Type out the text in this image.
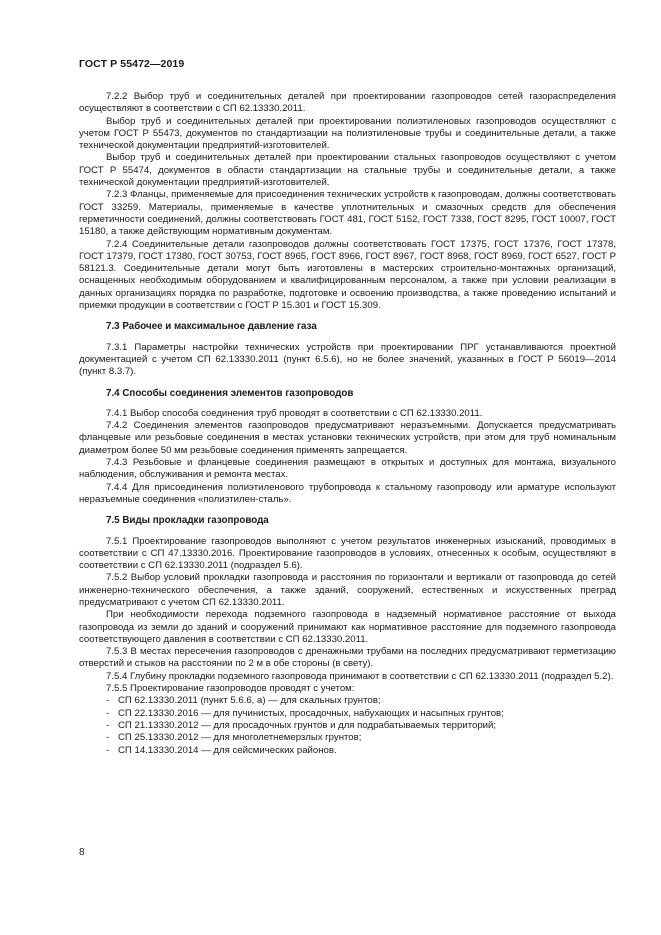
ГОСТ Р 55472—2019

7.2.2 Выбор труб и соединительных деталей при проектировании газопроводов сетей газораспределения осуществляют в соответствии с СП 62.13330.2011.

Выбор труб и соединительных деталей при проектировании полиэтиленовых газопроводов осуществляют с учетом ГОСТ Р 55473, документов по стандартизации на полиэтиленовые трубы и соединительные детали, а также технической документации предприятий-изготовителей.

Выбор труб и соединительных деталей при проектировании стальных газопроводов осуществляют с учетом ГОСТ Р 55474, документов в области стандартизации на стальные трубы и соединительные детали, а также технической документации предприятий-изготовителей.

7.2.3 Фланцы, применяемые для присоединения технических устройств к газопроводам, должны соответствовать ГОСТ 33259. Материалы, применяемые в качестве уплотнительных и смазочных средств для обеспечения герметичности соединений, должны соответствовать ГОСТ 481, ГОСТ 5152, ГОСТ 7338, ГОСТ 8295, ГОСТ 10007, ГОСТ 15180, а также действующим нормативным документам.

7.2.4 Соединительные детали газопроводов должны соответствовать ГОСТ 17375, ГОСТ 17376, ГОСТ 17378, ГОСТ 17379, ГОСТ 17380, ГОСТ 30753, ГОСТ 8965, ГОСТ 8966, ГОСТ 8967, ГОСТ 8968, ГОСТ 8969, ГОСТ 6527, ГОСТ Р 58121.3. Соединительные детали могут быть изготовлены в мастерских строительно-монтажных организаций, оснащенных необходимым оборудованием и квалифицированным персоналом, а также при условии реализации в данных организациях порядка по разработке, подготовке и освоению производства, а также проведению испытаний и приемки продукции в соответствии с ГОСТ Р 15.301 и ГОСТ 15.309.

7.3 Рабочее и максимальное давление газа

7.3.1 Параметры настройки технических устройств при проектировании ПРГ устанавливаются проектной документацией с учетом СП 62.13330.2011 (пункт 6.5.6), но не более значений, указанных в ГОСТ Р 56019—2014 (пункт 8.3.7).

7.4 Способы соединения элементов газопроводов

7.4.1 Выбор способа соединения труб проводят в соответствии с СП 62.13330.2011.

7.4.2 Соединения элементов газопроводов предусматривают неразъемными. Допускается предусматривать фланцевые или резьбовые соединения в местах установки технических устройств, при этом для труб номинальным диаметром более 50 мм резьбовые соединения применять запрещается.

7.4.3 Резьбовые и фланцевые соединения размещают в открытых и доступных для монтажа, визуального наблюдения, обслуживания и ремонта местах.

7.4.4 Для присоединения полиэтиленового трубопровода к стальному газопроводу или арматуре используют неразъемные соединения «полиэтилен-сталь».

7.5 Виды прокладки газопровода

7.5.1 Проектирование газопроводов выполняют с учетом результатов инженерных изысканий, проводимых в соответствии с СП 47.13330.2016. Проектирование газопроводов в условиях, отнесенных к особым, осуществляют в соответствии с СП 62.13330.2011 (подраздел 5.6).

7.5.2 Выбор условий прокладки газопровода и расстояния по горизонтали и вертикали от газопровода до сетей инженерно-технического обеспечения, а также зданий, сооружений, естественных и искусственных преград предусматривают с учетом СП 62.13330.2011.

При необходимости перехода подземного газопровода в надземный нормативное расстояние от выхода газопровода из земли до зданий и сооружений принимают как нормативное расстояние для подземного газопровода соответствующего давления в соответствии с СП 62.13330.2011.

7.5.3 В местах пересечения газопроводов с дренажными трубами на последних предусматривают герметизацию отверстий и стыков на расстоянии по 2 м в обе стороны (в свету).

7.5.4 Глубину прокладки подземного газопровода принимают в соответствии с СП 62.13330.2011 (подраздел 5.2).

7.5.5 Проектирование газопроводов проводят с учетом:

- СП 62.13330.2011 (пункт 5.6.6, а) — для скальных грунтов;
- СП 22.13330.2016 — для пучинистых, просадочных, набухающих и насыпных грунтов;
- СП 21.13330.2012 — для просадочных грунтов и для подрабатываемых территорий;
- СП 25.13330.2012 — для многолетнемерзлых грунтов;
- СП 14.13330.2014 — для сейсмических районов.
8
